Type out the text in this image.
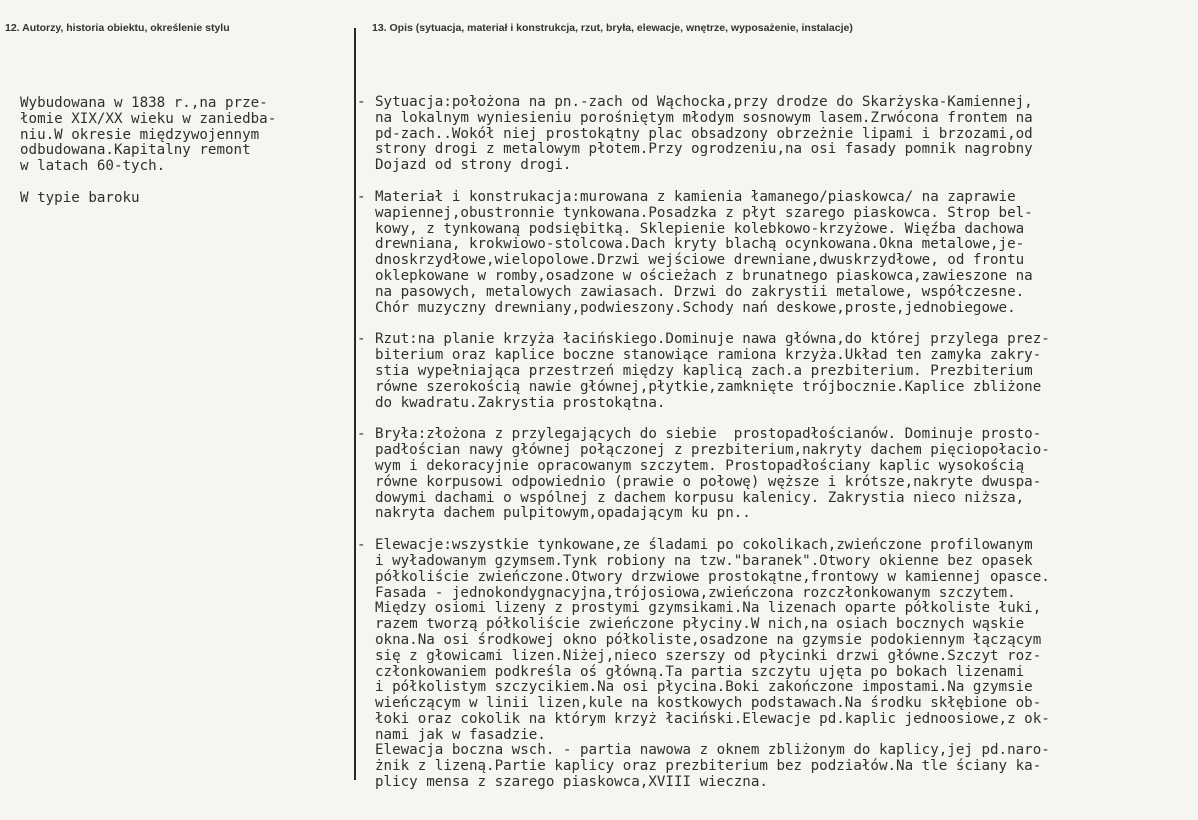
12. Autorzy, historia obiektu, określenie stylu	13. Opis (sytuacja, materiał i konstrukcja, rzut, bryła, elewacje, wnętrze, wyposażenie, instalacje)
Wybudowana w 1838 r.,na prze-
łomie XIX/XX wieku w zaniedba-
niu.W okresie międzywojennym
odbudowana.Kapitalny remont
w latach 60-tych.
W typie baroku
- Sytuacja:położona na pn.-zach od Wąchocka,przy drodze do Skarżyska-Kamiennej,
na lokalnym wyniesieniu porośniętym młodym sosnowym lasem.Zrwócona frontem na
pd-zach..Wokół niej prostokątny plac obsadzony obrzeżnie lipami i brzozami,od
strony drogi z metalowym płotem.Przy ogrodzeniu,na osi fasady pomnik nagrobny
Dojazd od strony drogi.
- Materiał i konstrukacja:murowana z kamienia łamanego/piaskowca/ na zaprawie
wapiennej,obustronnie tynkowana.Posadzka z płyt szarego piaskowca. Strop bel-
kowy, z tynkowaną podsiębitką. Sklepienie kolebkowo-krzyżowe. Więźba dachowa
drewniana, krokwiowo-stolcowa.Dach kryty blachą ocynkowana.Okna metalowe,je-
dnoskrzydłowe,wielopolowe.Drzwi wejściowe drewniane,dwuskrzydłowe, od frontu
oklepkowane w romby,osadzone w ościeżach z brunatnego piaskowca,zawieszone na
na pasowych, metalowych zawiasach. Drzwi do zakrystii metalowe, współczesne.
Chór muzyczny drewniany,podwieszony.Schody nań deskowe,proste,jednobiegowe.
- Rzut:na planie krzyża łacińskiego.Dominuje nawa główna,do której przylega prez-
biterium oraz kaplice boczne stanowiące ramiona krzyża.Układ ten zamyka zakry-
stia wypełniająca przestrzeń między kaplicą zach.a prezbiterium. Prezbiterium
równe szerokością nawie głównej,płytkie,zamknięte trójbocznie.Kaplice zbliżone
do kwadratu.Zakrystia prostokątna.
- Bryła:złożona z przylegających do siebie  prostopadłościanów. Dominuje prosto-
padłościan nawy głównej połączonej z prezbiterium,nakryty dachem pięciopołacio-
wym i dekoracyjnie opracowanym szczytem. Prostopadłościany kaplic wysokością
równe korpusowi odpowiednio (prawie o połowę) węższe i krótsze,nakryte dwuspa-
dowymi dachami o wspólnej z dachem korpusu kalenicy. Zakrystia nieco niższa,
nakryta dachem pulpitowym,opadającym ku pn..
- Elewacje:wszystkie tynkowane,ze śladami po cokolikach,zwieńczone profilowanym
i wyładowanym gzymsem.Tynk robiony na tzw."baranek".Otwory okienne bez opasek
półkoliście zwieńczone.Otwory drzwiowe prostokątne,frontowy w kamiennej opasce.
Fasada - jednokondygnacyjna,trójosiowa,zwieńczona rozczłonkowanym szczytem.
Między osiomi lizeny z prostymi gzymsikami.Na lizenach oparte półkoliste łuki,
razem tworzą półkoliście zwieńczone płyciny.W nich,na osiach bocznych wąskie
okna.Na osi środkowej okno półkoliste,osadzone na gzymsie podokiennym łączącym
się z głowicami lizen.Niżej,nieco szerszy od płycinki drzwi główne.Szczyt roz-
członkowaniem podkreśla oś główną.Ta partia szczytu ujęta po bokach lizenami
i półkolistym szczycikiem.Na osi płycina.Boki zakończone impostami.Na gzymsie
wieńczącym w linii lizen,kule na kostkowych podstawach.Na środku skłębione ob-
łoki oraz cokolik na którym krzyż łaciński.Elewacje pd.kaplic jednoosiowe,z ok-
nami jak w fasadzie.
Elewacja boczna wsch. - partia nawowa z oknem zbliżonym do kaplicy,jej pd.naro-
żnik z lizeną.Partie kaplicy oraz prezbiterium bez podziałów.Na tle ściany ka-
plicy mensa z szarego piaskowca,XVIII wieczna.
